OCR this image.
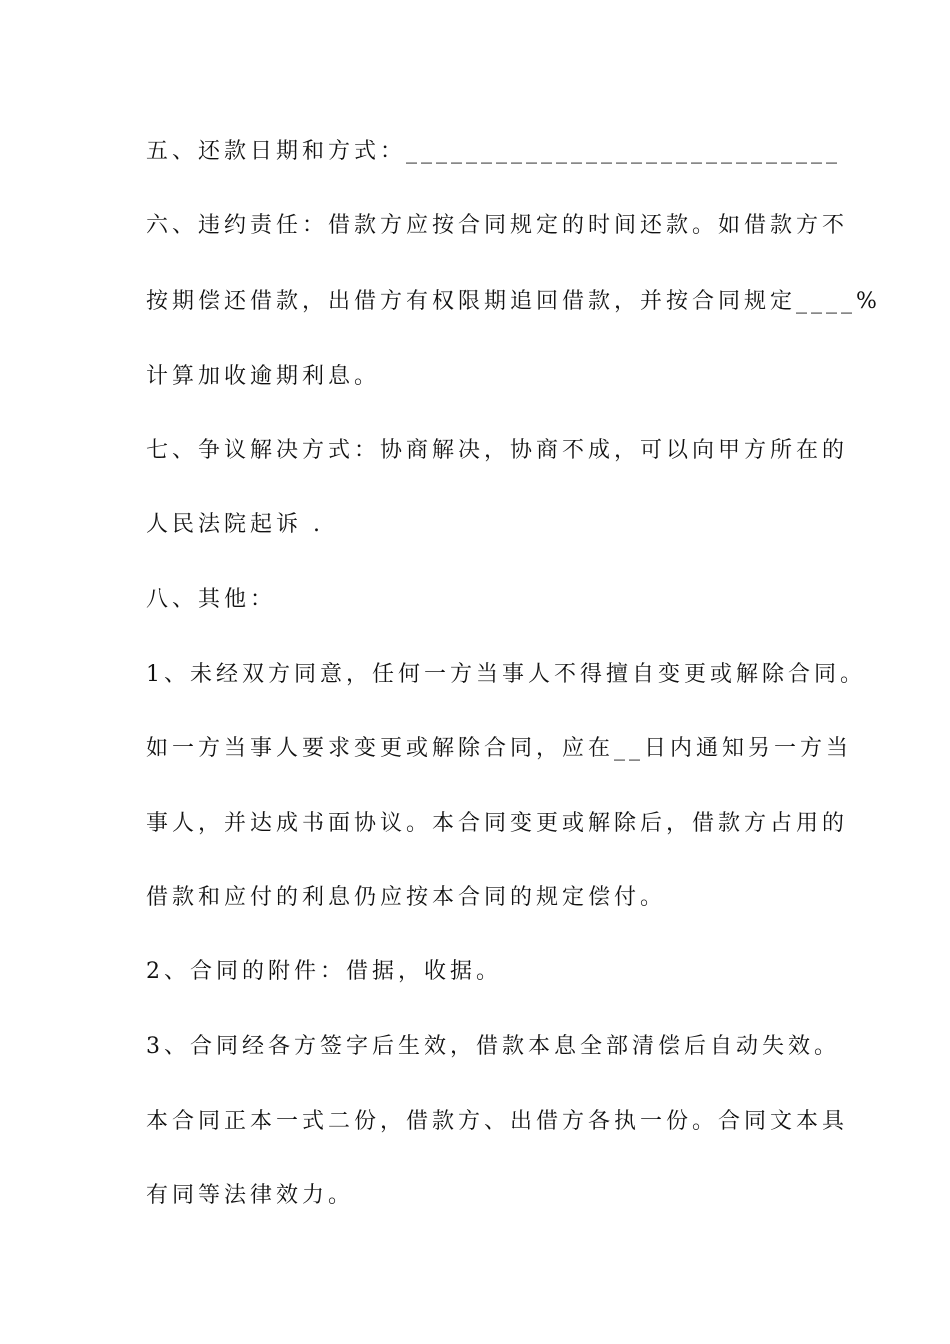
五、还款日期和方式：_____________________________

六、违约责任：借款方应按合同规定的时间还款。如借款方不

按期偿还借款，出借方有权限期追回借款，并按合同规定____%

计算加收逾期利息。

七、争议解决方式：协商解决，协商不成，可以向甲方所在的

人民法院起诉 .

八、其他：

1、未经双方同意，任何一方当事人不得擅自变更或解除合同。

如一方当事人要求变更或解除合同，应在__日内通知另一方当

事人，并达成书面协议。本合同变更或解除后，借款方占用的

借款和应付的利息仍应按本合同的规定偿付。

2、合同的附件：借据，收据。

3、合同经各方签字后生效，借款本息全部清偿后自动失效。

本合同正本一式二份，借款方、出借方各执一份。合同文本具

有同等法律效力。
